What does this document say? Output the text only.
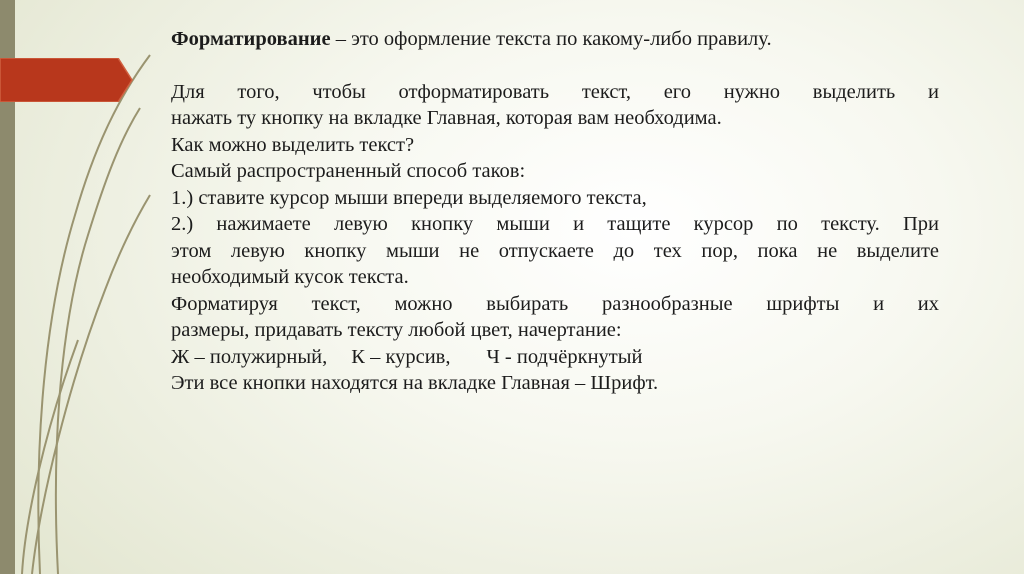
Форматирование – это оформление текста по какому-либо правилу.
Для того, чтобы отформатировать текст, его нужно выделить и
нажать ту кнопку на вкладке Главная, которая вам необходима.
Как можно выделить текст?
Самый распространенный способ таков:
1.) ставите курсор мыши впереди выделяемого текста,
2.) нажимаете левую кнопку мыши и тащите курсор по тексту. При
этом левую кнопку мыши не отпускаете до тех пор, пока не выделите
необходимый кусок текста.
Форматируя текст, можно выбирать разнообразные шрифты и их
размеры, придавать тексту любой цвет, начертание:
Ж – полужирный, К – курсив, Ч - подчёркнутый
Эти все кнопки находятся на вкладке Главная – Шрифт.
